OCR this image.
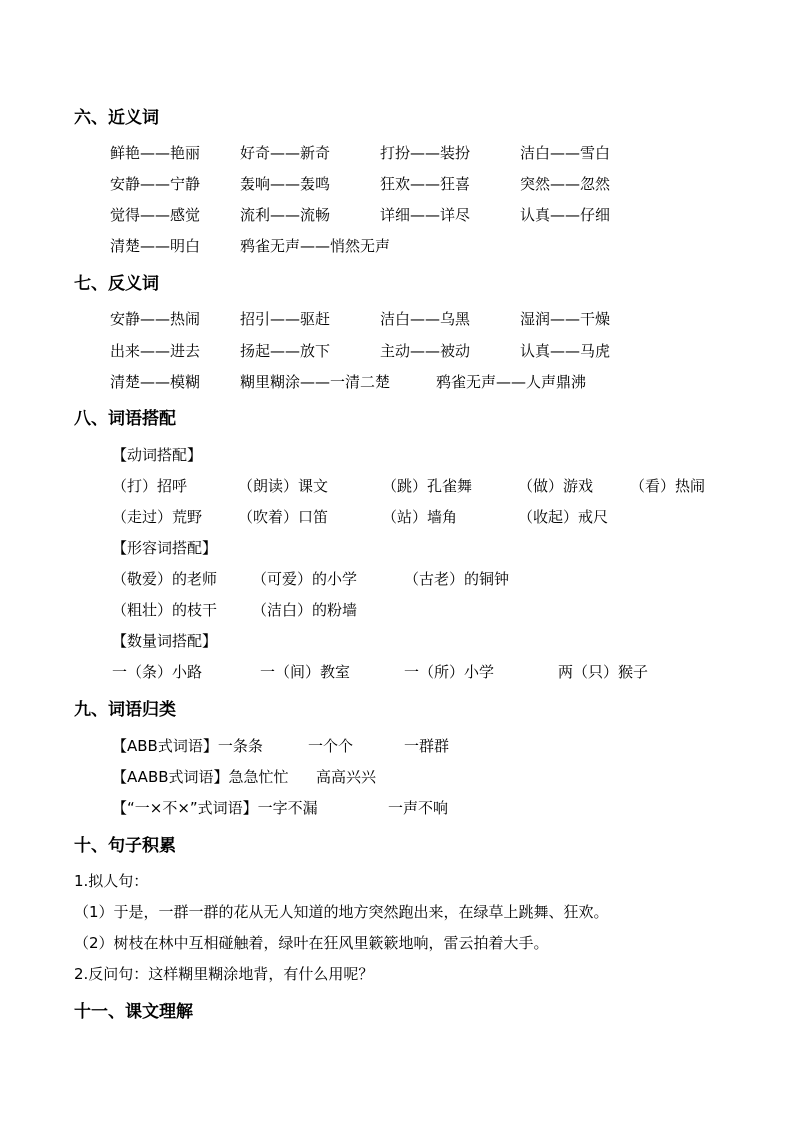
六、近义词
鲜艳——艳丽	好奇——新奇	打扮——装扮	洁白——雪白
安静——宁静	轰响——轰鸣	狂欢——狂喜	突然——忽然
觉得——感觉	流利——流畅	详细——详尽	认真——仔细
清楚——明白	鸦雀无声——悄然无声
七、反义词
安静——热闹	招引——驱赶	洁白——乌黑	湿润——干燥
出来——进去	扬起——放下	主动——被动	认真——马虎
清楚——模糊	糊里糊涂——一清二楚	鸦雀无声——人声鼎沸
八、词语搭配
【动词搭配】
（打）招呼	（朗读）课文	（跳）孔雀舞	（做）游戏 （看）热闹
（走过）荒野 （吹着）口笛	（站）墙角	（收起）戒尺
【形容词搭配】
（敬爱）的老师 （可爱）的小学	（古老）的铜钟
（粗壮）的枝干 （洁白）的粉墙
【数量词搭配】
一（条）小路	一（间）教室	一（所）小学	两（只）猴子
九、词语归类
【ABB式词语】一条条	一个个	一群群
【AABB式词语】急急忙忙 高高兴兴
【“一×不×”式词语】一字不漏	一声不响
十、句子积累
1.拟人句：
（1）于是，一群一群的花从无人知道的地方突然跑出来，在绿草上跳舞、狂欢。
（2）树枝在林中互相碰触着，绿叶在狂风里簌簌地响，雷云拍着大手。
2.反问句：这样糊里糊涂地背，有什么用呢？
十一、课文理解
